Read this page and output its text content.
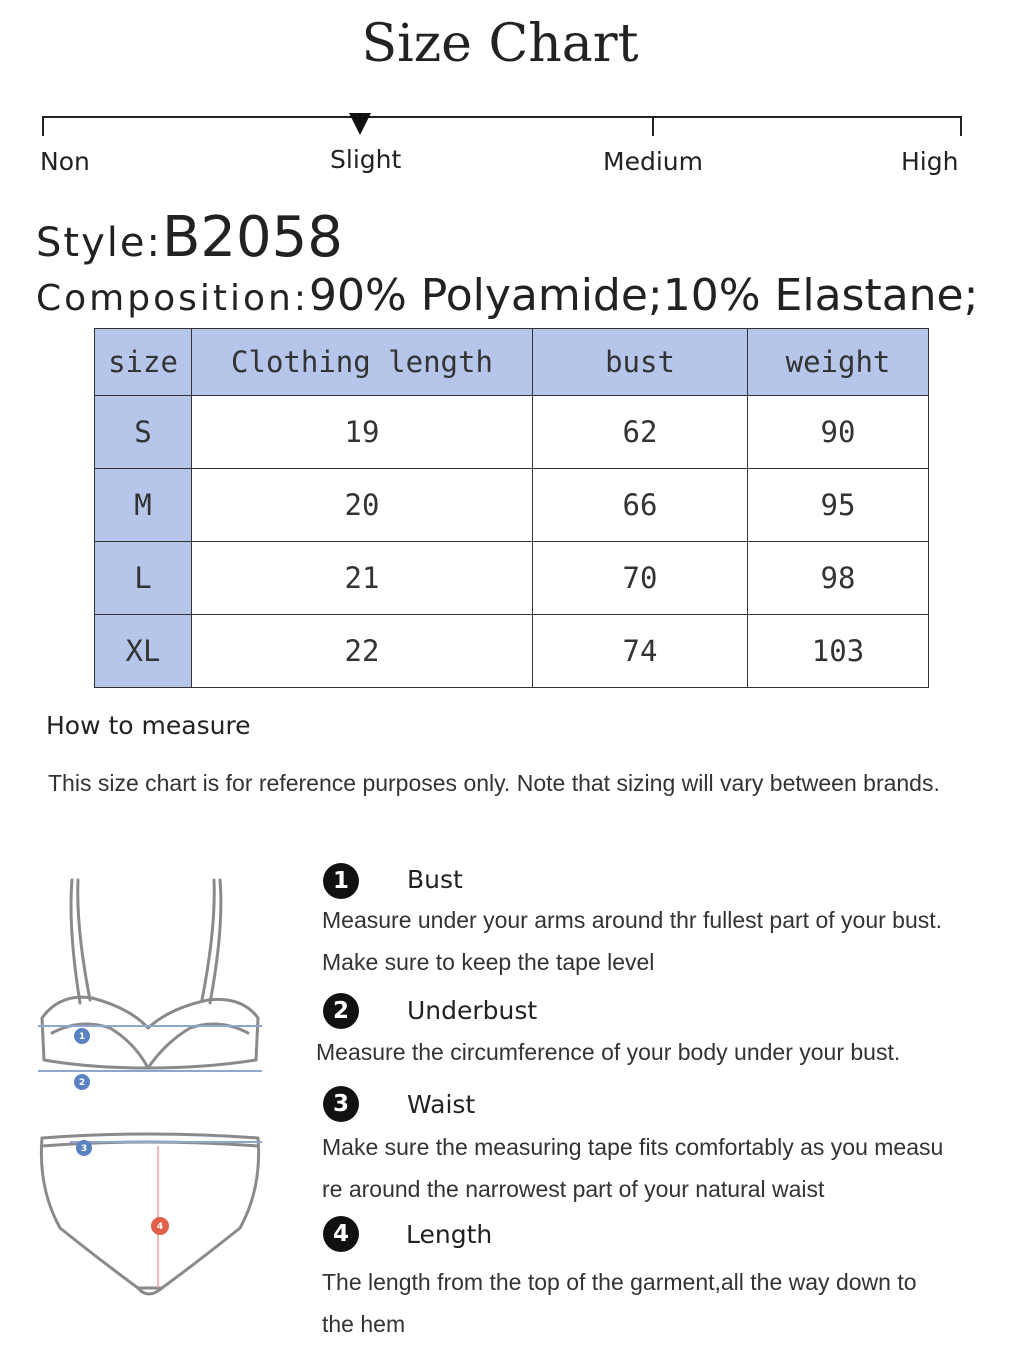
Size Chart
Non	Slight	Medium	High
Style:B2058
Composition:90% Polyamide;10% Elastane;
size	Clothing length	bust	weight
S	19	62	90
M	20	66	95
L	21	70	98
XL	22	74	103
How to measure
This size chart is for reference purposes only. Note that sizing will vary between brands.
1
2
3
4
1	Bust
Measure under your arms around thr fullest part of your bust.
Make sure to keep the tape level
2	Underbust
Measure the circumference of your body under your bust.
3	Waist
Make sure the measuring tape fits comfortably as you measu
re around the narrowest part of your natural waist
4	Length
The length from the top of the garment,all the way down to
the hem
